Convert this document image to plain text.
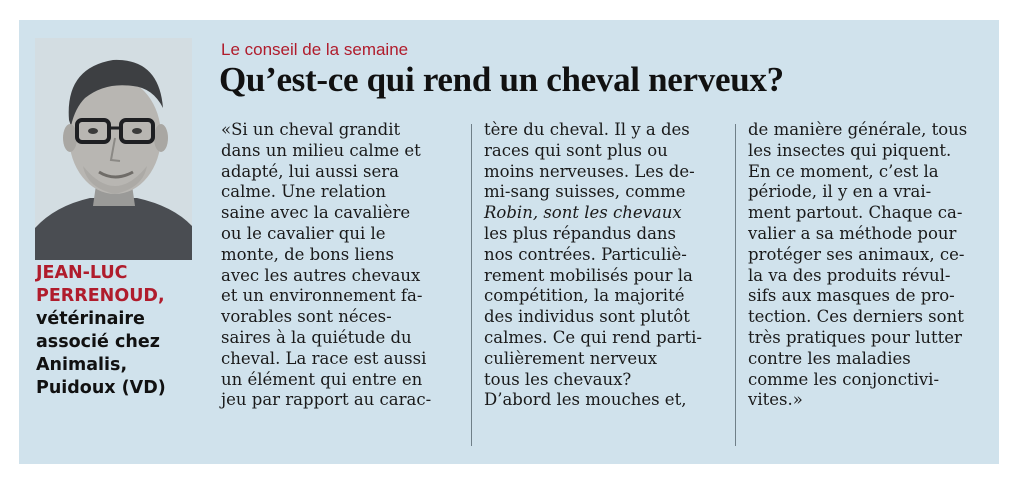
JEAN-LUC
PERRENOUD,
vétérinaire
associé chez
Animalis,
Puidoux (VD)
Le conseil de la semaine
Qu’est-ce qui rend un cheval nerveux?
«Si un cheval grandit
dans un milieu calme et
adapté, lui aussi sera
calme. Une relation
saine avec la cavalière
ou le cavalier qui le
monte, de bons liens
avec les autres chevaux
et un environnement fa-
vorables sont néces-
saires à la quiétude du
cheval. La race est aussi
un élément qui entre en
jeu par rapport au carac-
tère du cheval. Il y a des
races qui sont plus ou
moins nerveuses. Les de-
mi-sang suisses, comme
Robin, sont les chevaux
les plus répandus dans
nos contrées. Particuliè-
rement mobilisés pour la
compétition, la majorité
des individus sont plutôt
calmes. Ce qui rend parti-
culièrement nerveux
tous les chevaux?
D’abord les mouches et,
de manière générale, tous
les insectes qui piquent.
En ce moment, c’est la
période, il y en a vrai-
ment partout. Chaque ca-
valier a sa méthode pour
protéger ses animaux, ce-
la va des produits révul-
sifs aux masques de pro-
tection. Ces derniers sont
très pratiques pour lutter
contre les maladies
comme les conjonctivi-
vites.»
